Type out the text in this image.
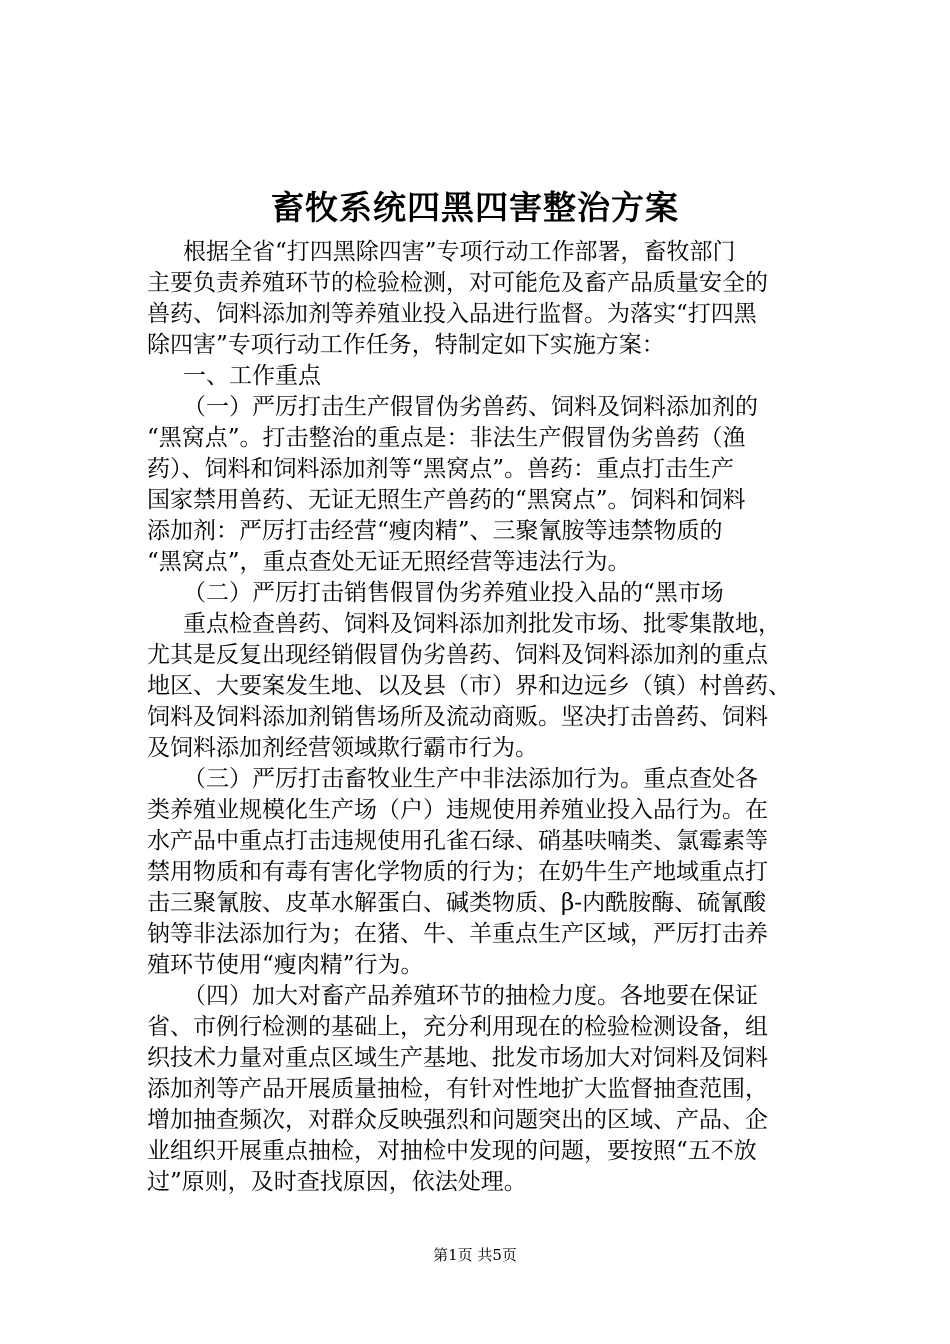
畜牧系统四黑四害整治方案
根据全省“打四黑除四害”专项行动工作部署，畜牧部门
主要负责养殖环节的检验检测，对可能危及畜产品质量安全的
兽药、饲料添加剂等养殖业投入品进行监督。为落实“打四黑
除四害”专项行动工作任务，特制定如下实施方案：
一、工作重点
（一）严厉打击生产假冒伪劣兽药、饲料及饲料添加剂的
“黑窝点”。打击整治的重点是：非法生产假冒伪劣兽药（渔
药）、饲料和饲料添加剂等“黑窝点”。兽药：重点打击生产
国家禁用兽药、无证无照生产兽药的“黑窝点”。饲料和饲料
添加剂：严厉打击经营“瘦肉精”、三聚氰胺等违禁物质的
“黑窝点”，重点查处无证无照经营等违法行为。
（二）严厉打击销售假冒伪劣养殖业投入品的“黑市场
重点检查兽药、饲料及饲料添加剂批发市场、批零集散地，
尤其是反复出现经销假冒伪劣兽药、饲料及饲料添加剂的重点
地区、大要案发生地、以及县（市）界和边远乡（镇）村兽药、
饲料及饲料添加剂销售场所及流动商贩。坚决打击兽药、饲料
及饲料添加剂经营领域欺行霸市行为。
（三）严厉打击畜牧业生产中非法添加行为。重点查处各
类养殖业规模化生产场（户）违规使用养殖业投入品行为。在
水产品中重点打击违规使用孔雀石绿、硝基呋喃类、氯霉素等
禁用物质和有毒有害化学物质的行为；在奶牛生产地域重点打
击三聚氰胺、皮革水解蛋白、碱类物质、β-内酰胺酶、硫氰酸
钠等非法添加行为；在猪、牛、羊重点生产区域，严厉打击养
殖环节使用“瘦肉精”行为。
（四）加大对畜产品养殖环节的抽检力度。各地要在保证
省、市例行检测的基础上，充分利用现在的检验检测设备，组
织技术力量对重点区域生产基地、批发市场加大对饲料及饲料
添加剂等产品开展质量抽检，有针对性地扩大监督抽查范围，
增加抽查频次，对群众反映强烈和问题突出的区域、产品、企
业组织开展重点抽检，对抽检中发现的问题，要按照“五不放
过”原则，及时查找原因，依法处理。
第1页 共5页
